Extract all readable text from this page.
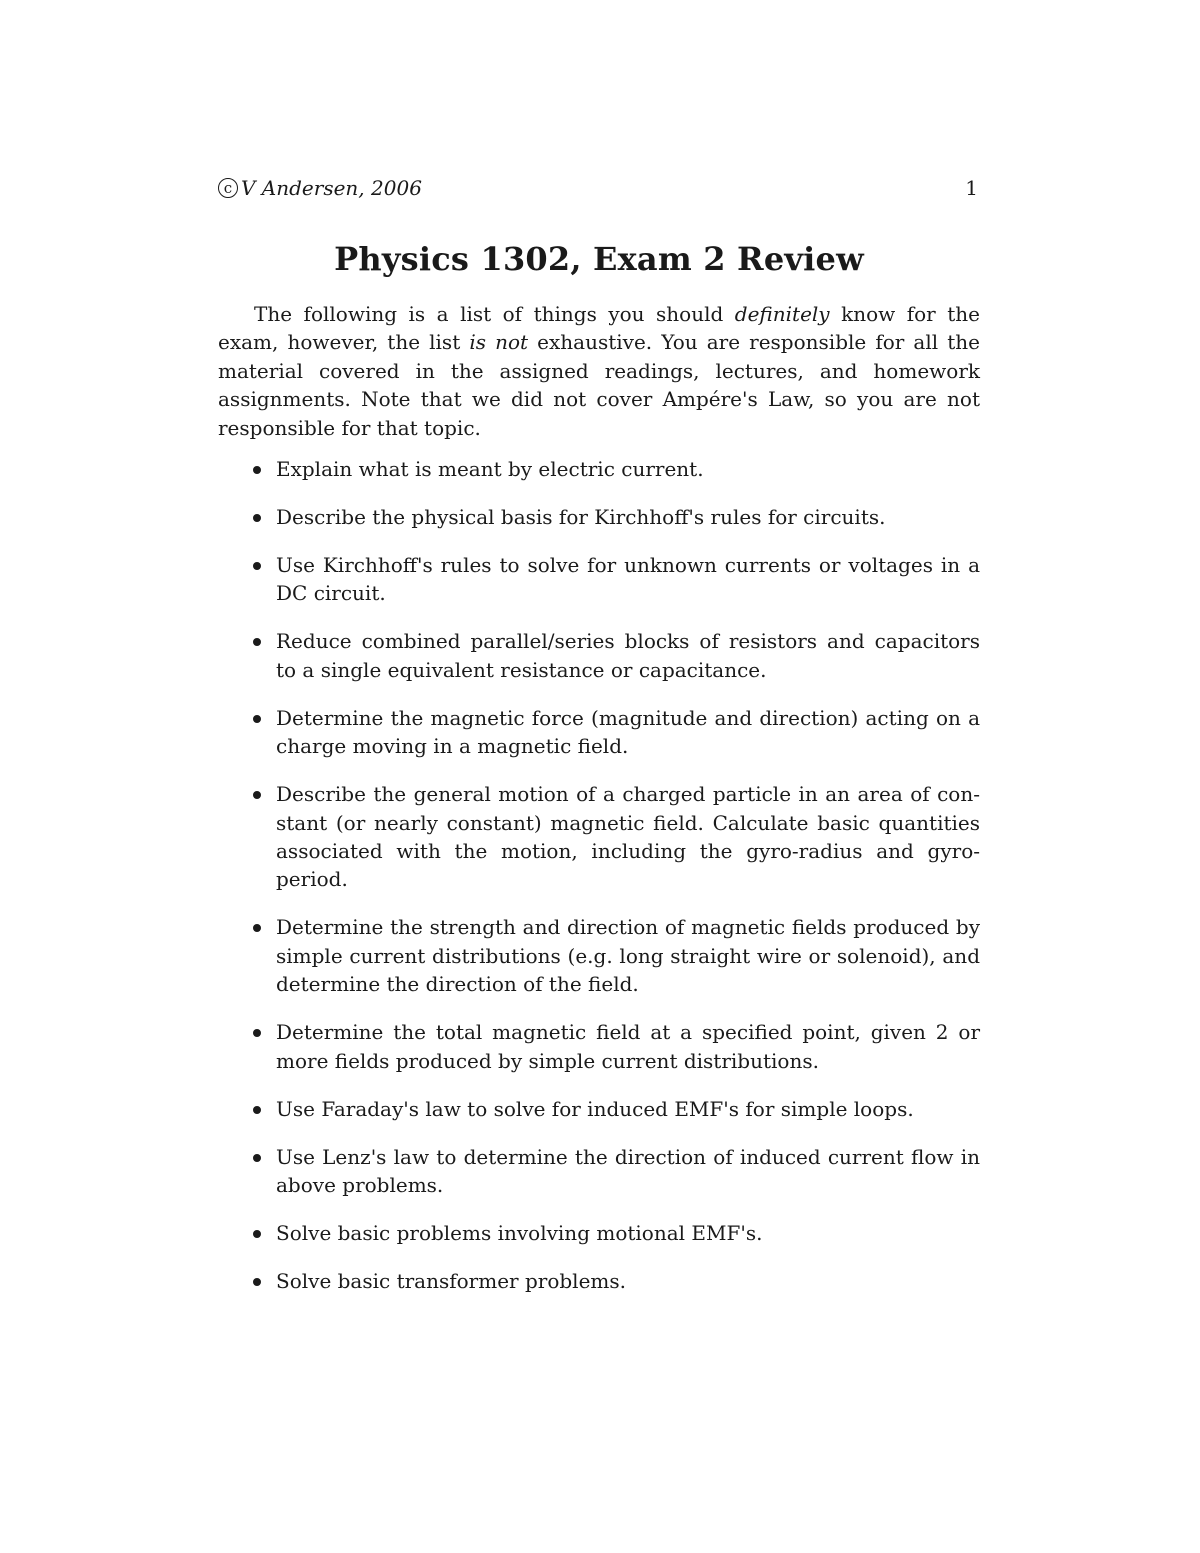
c V Andersen, 2006	1
Physics 1302, Exam 2 Review

The following is a list of things you should definitely know for the exam, however, the list is not exhaustive. You are responsible for all the material covered in the assigned readings, lectures, and homework assignments. Note that we did not cover Ampére's Law, so you are not responsible for that topic.

Explain what is meant by electric current.
Describe the physical basis for Kirchhoff's rules for circuits.
Use Kirchhoff's rules to solve for unknown currents or voltages in a DC circuit.
Reduce combined parallel/series blocks of resistors and capacitors to a single equivalent resistance or capacitance.
Determine the magnetic force (magnitude and direction) acting on a charge moving in a magnetic field.
Describe the general motion of a charged particle in an area of con-stant (or nearly constant) magnetic field. Calculate basic quantities associated with the motion, including the gyro-radius and gyro-period.
Determine the strength and direction of magnetic fields produced by simple current distributions (e.g. long straight wire or solenoid), and determine the direction of the field.
Determine the total magnetic field at a specified point, given 2 or more fields produced by simple current distributions.
Use Faraday's law to solve for induced EMF's for simple loops.
Use Lenz's law to determine the direction of induced current flow in above problems.
Solve basic problems involving motional EMF's.
Solve basic transformer problems.
